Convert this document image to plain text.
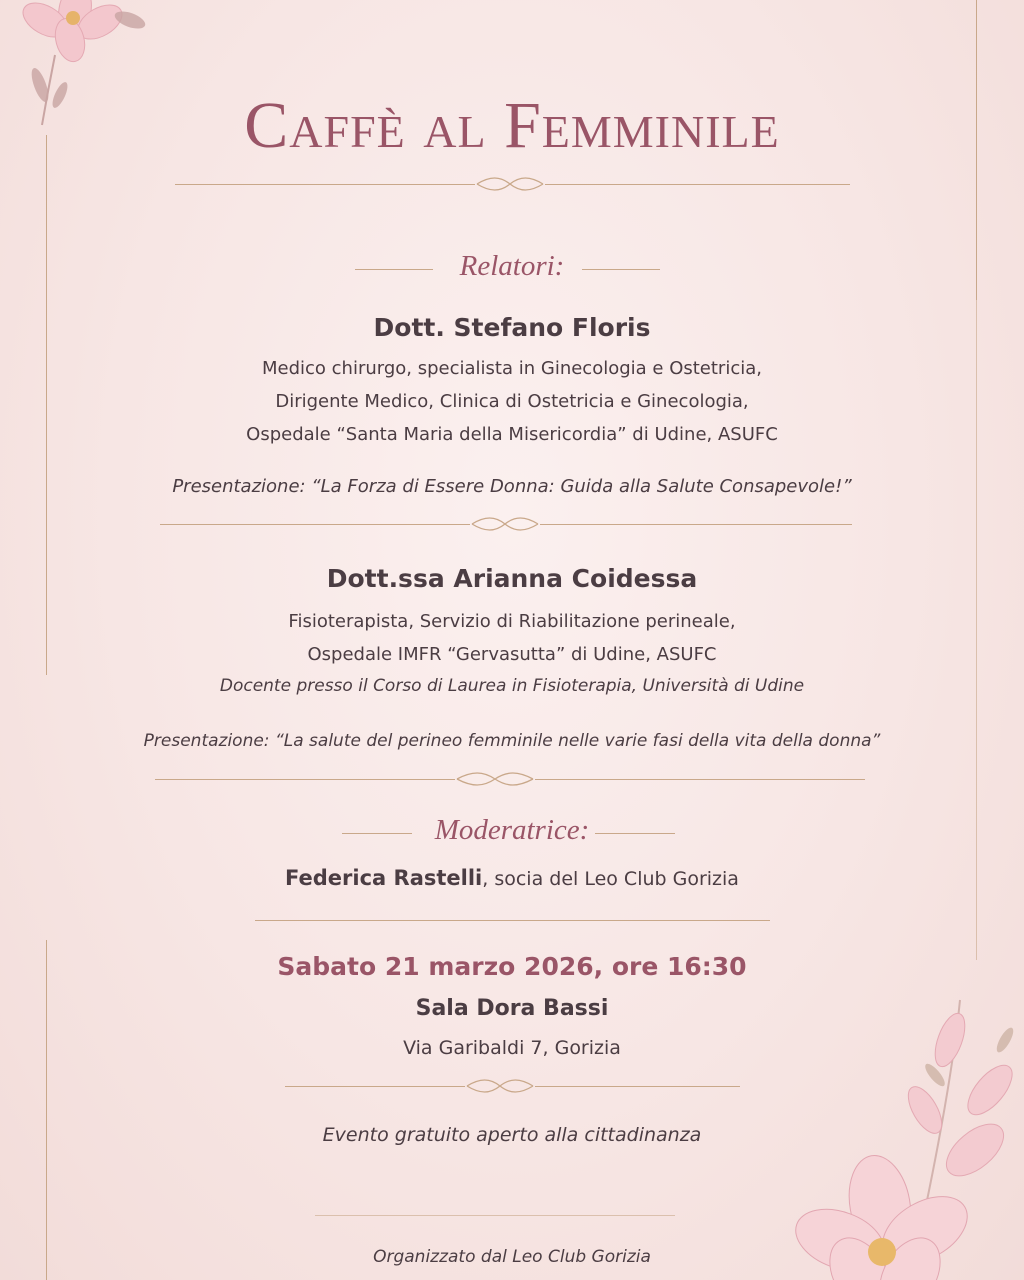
Caffè al Femminile
Relatori:
Dott. Stefano Floris
Medico chirurgo, specialista in Ginecologia e Ostetricia,
Dirigente Medico, Clinica di Ostetricia e Ginecologia,
Ospedale “Santa Maria della Misericordia” di Udine, ASUFC
Presentazione: “La Forza di Essere Donna: Guida alla Salute Consapevole!”
Dott.ssa Arianna Coidessa
Fisioterapista, Servizio di Riabilitazione perineale,
Ospedale IMFR “Gervasutta” di Udine, ASUFC
Docente presso il Corso di Laurea in Fisioterapia, Università di Udine
Presentazione: “La salute del perineo femminile nelle varie fasi della vita della donna”
Moderatrice:
Federica Rastelli, socia del Leo Club Gorizia
Sabato 21 marzo 2026, ore 16:30
Sala Dora Bassi
Via Garibaldi 7, Gorizia
Evento gratuito aperto alla cittadinanza
Organizzato dal Leo Club Gorizia
